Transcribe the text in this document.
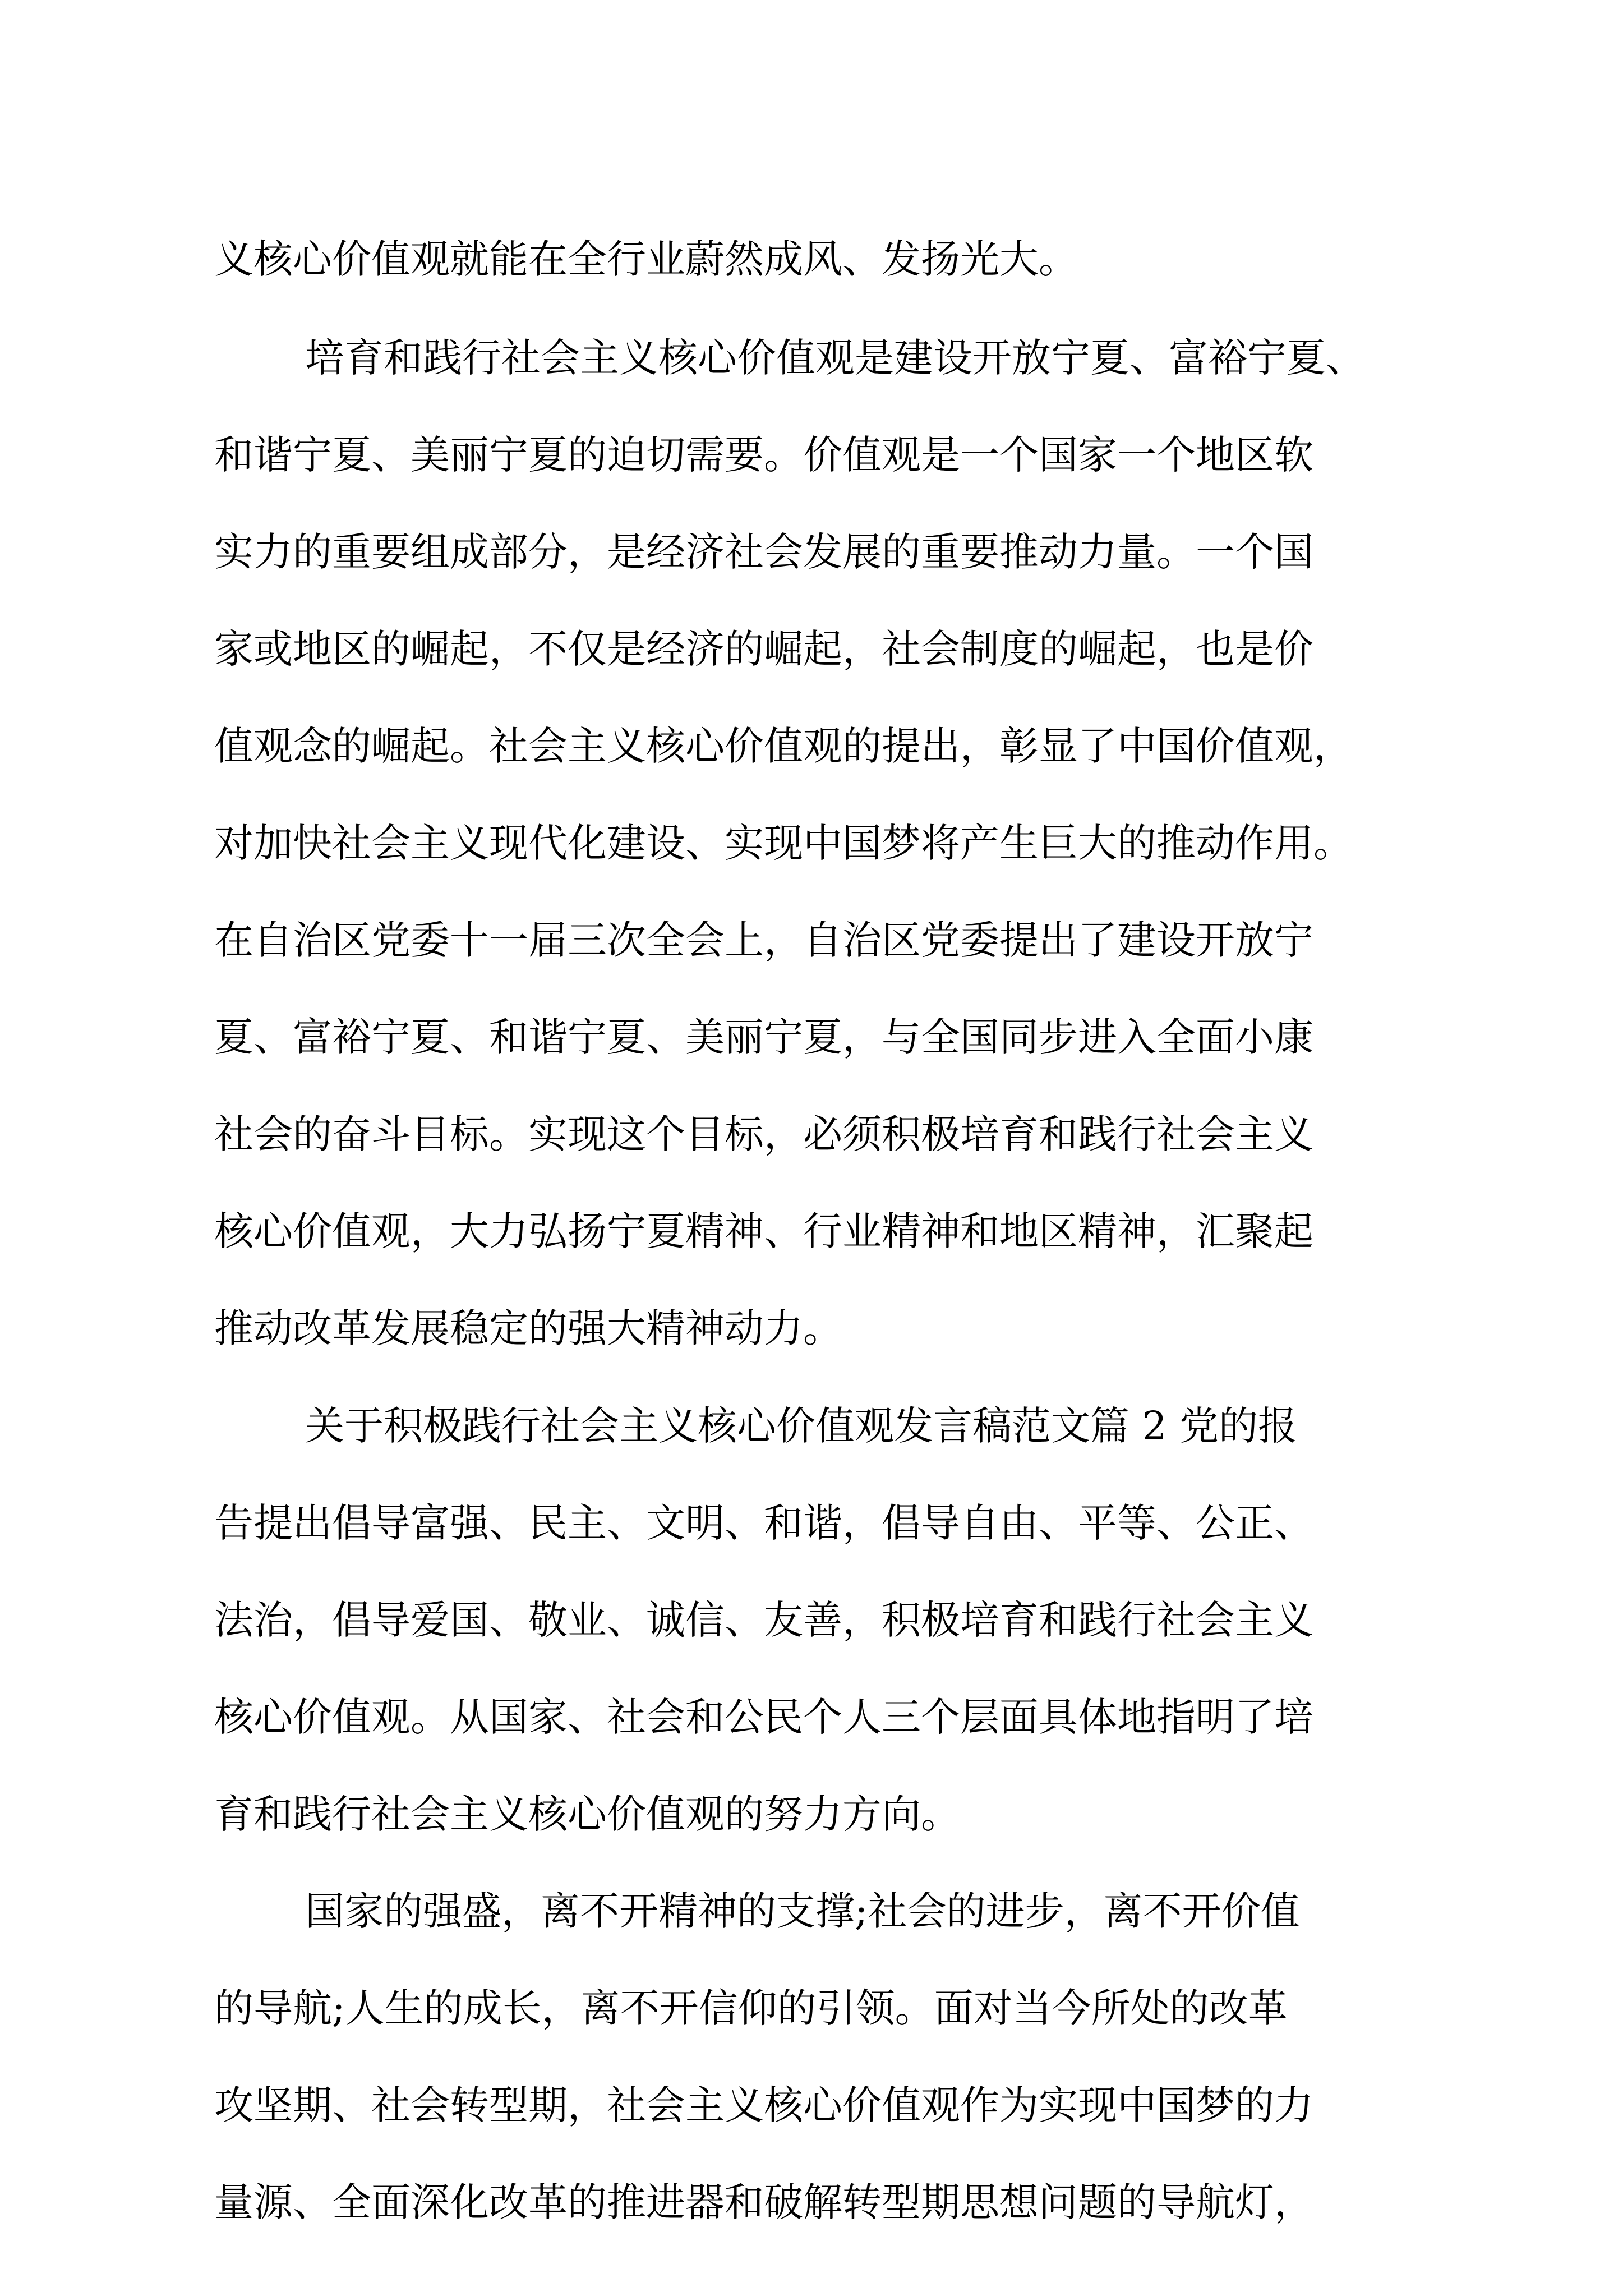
义核心价值观就能在全行业蔚然成风、发扬光大。
培育和践行社会主义核心价值观是建设开放宁夏、富裕宁夏、
和谐宁夏、美丽宁夏的迫切需要。价值观是一个国家一个地区软
实力的重要组成部分，是经济社会发展的重要推动力量。一个国
家或地区的崛起，不仅是经济的崛起，社会制度的崛起，也是价
值观念的崛起。社会主义核心价值观的提出，彰显了中国价值观，
对加快社会主义现代化建设、实现中国梦将产生巨大的推动作用。
在自治区党委十一届三次全会上，自治区党委提出了建设开放宁
夏、富裕宁夏、和谐宁夏、美丽宁夏，与全国同步进入全面小康
社会的奋斗目标。实现这个目标，必须积极培育和践行社会主义
核心价值观，大力弘扬宁夏精神、行业精神和地区精神，汇聚起
推动改革发展稳定的强大精神动力。
关于积极践行社会主义核心价值观发言稿范文篇 2 党的报
告提出倡导富强、民主、文明、和谐，倡导自由、平等、公正、
法治，倡导爱国、敬业、诚信、友善，积极培育和践行社会主义
核心价值观。从国家、社会和公民个人三个层面具体地指明了培
育和践行社会主义核心价值观的努力方向。
国家的强盛，离不开精神的支撑;社会的进步，离不开价值
的导航;人生的成长，离不开信仰的引领。面对当今所处的改革
攻坚期、社会转型期，社会主义核心价值观作为实现中国梦的力
量源、全面深化改革的推进器和破解转型期思想问题的导航灯，
